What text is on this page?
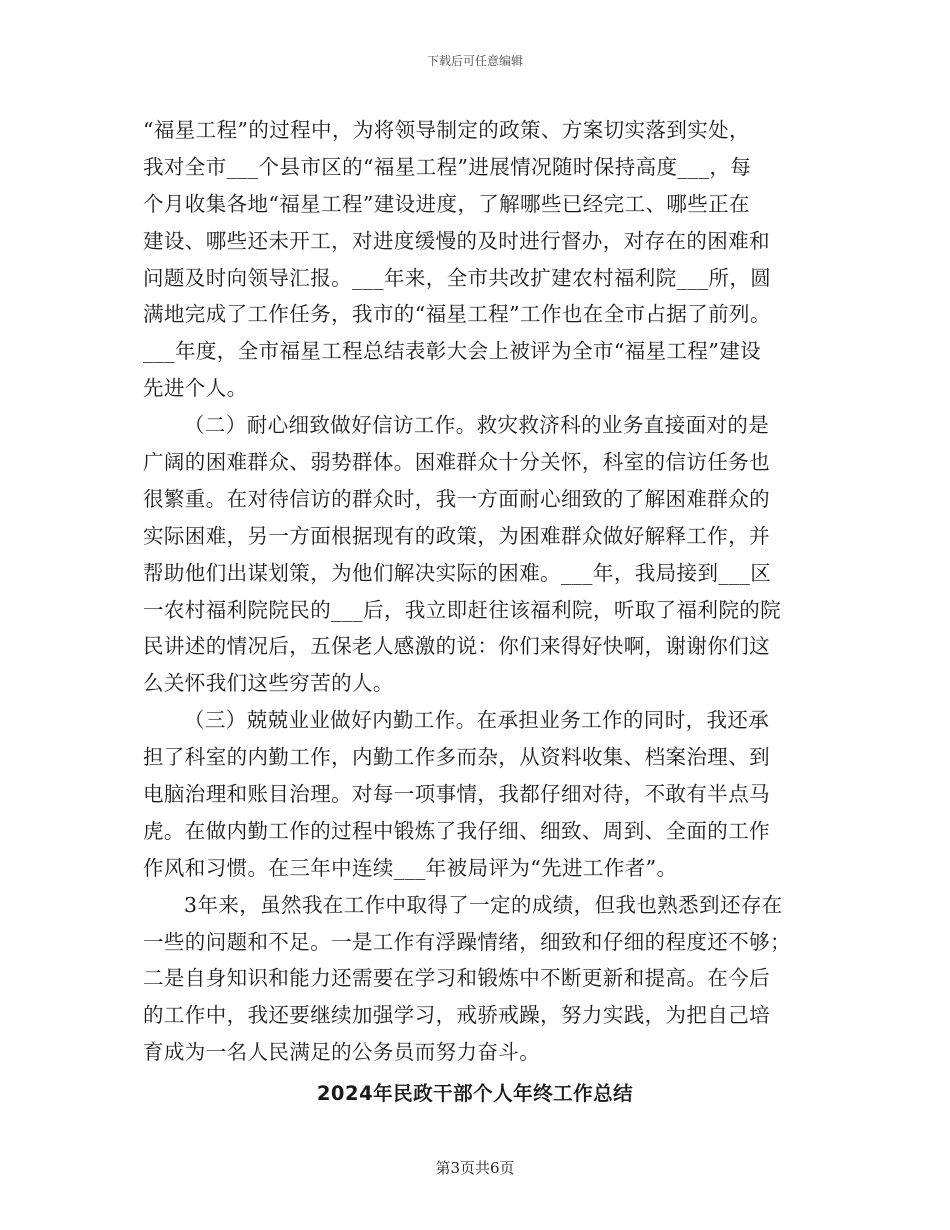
下载后可任意编辑
“福星工程”的过程中，为将领导制定的政策、方案切实落到实处，
我对全市___个县市区的“福星工程”进展情况随时保持高度___，每
个月收集各地“福星工程”建设进度，了解哪些已经完工、哪些正在
建设、哪些还未开工，对进度缓慢的及时进行督办，对存在的困难和
问题及时向领导汇报。___年来，全市共改扩建农村福利院___所，圆
满地完成了工作任务，我市的“福星工程”工作也在全市占据了前列。
___年度，全市福星工程总结表彰大会上被评为全市“福星工程”建设
先进个人。
（二）耐心细致做好信访工作。救灾救济科的业务直接面对的是
广阔的困难群众、弱势群体。困难群众十分关怀，科室的信访任务也
很繁重。在对待信访的群众时，我一方面耐心细致的了解困难群众的
实际困难，另一方面根据现有的政策，为困难群众做好解释工作，并
帮助他们出谋划策，为他们解决实际的困难。___年，我局接到___区
一农村福利院院民的___后，我立即赶往该福利院，听取了福利院的院
民讲述的情况后，五保老人感激的说：你们来得好快啊，谢谢你们这
么关怀我们这些穷苦的人。
（三）兢兢业业做好内勤工作。在承担业务工作的同时，我还承
担了科室的内勤工作，内勤工作多而杂，从资料收集、档案治理、到
电脑治理和账目治理。对每一项事情，我都仔细对待，不敢有半点马
虎。在做内勤工作的过程中锻炼了我仔细、细致、周到、全面的工作
作风和习惯。在三年中连续___年被局评为“先进工作者”。
3年来，虽然我在工作中取得了一定的成绩，但我也熟悉到还存在
一些的问题和不足。一是工作有浮躁情绪，细致和仔细的程度还不够；
二是自身知识和能力还需要在学习和锻炼中不断更新和提高。在今后
的工作中，我还要继续加强学习，戒骄戒躁，努力实践，为把自己培
育成为一名人民满足的公务员而努力奋斗。
2024年民政干部个人年终工作总结
第3页共6页
